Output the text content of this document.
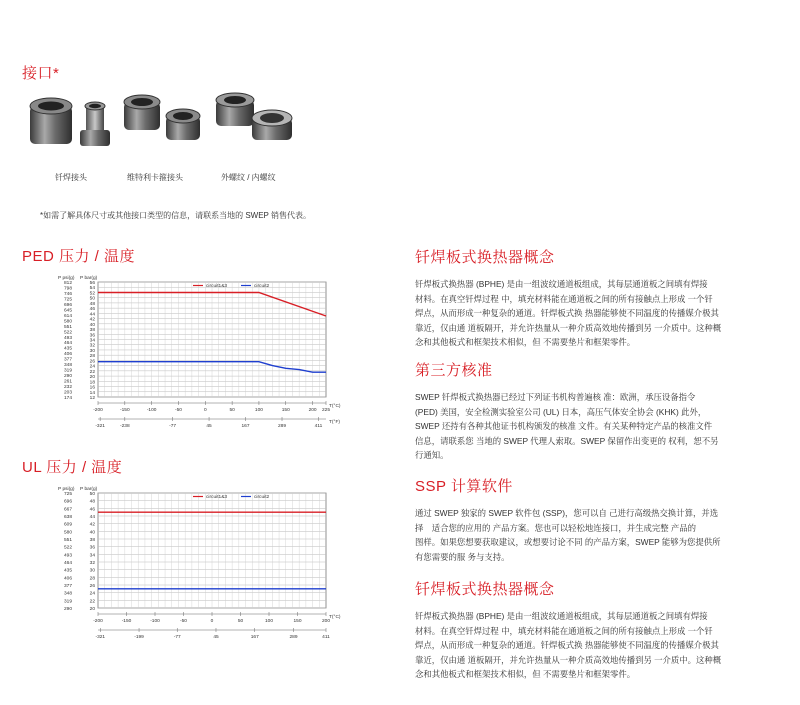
接口*
钎焊接头	维特利卡箍接头	外螺纹 / 内螺纹
*如需了解具体尺寸或其他接口类型的信息，请联系当地的 SWEP 销售代表。
PED 压力 / 温度
UL 压力 / 温度
56
54
52
50
48
46
44
42
40
38
36
34
32
30
28
26
24
22
20
18
16
14
12
812
798
746
725
696
645
614
580
551
522
493
464
435
406
377
348
319
290
261
232
203
174
P psi(g) P bar(g)
-200	-150	-100	-50	0	50	100	150	200 225
T(°C)
-321	-238	-77	45	167	289	411
T(°F)
circuit1&3	circuit2
50
48
46
44
42
40
38
36
34
32
30
28
26
24
22
20
725
696
667
638
609
580
551
522
493
464
435
406
377
348
319
290
P psi(g) P bar(g)
-200	-150	-100	-50	0	50	100	150	200
T(°C)
-321	-199	-77	45	167	289	411
circuit1&3	circuit2
钎焊板式换热器概念
钎焊板式换热器 (BPHE) 是由一组波纹通道板组成，其每层通道板之间填有焊接
材料。在真空钎焊过程 中，填充材料能在通道板之间的所有接触点上形成 一个钎
焊点，从而形成一种复杂的通道。钎焊板式换 热器能够使不同温度的传播媒介极其
靠近，仅由通 道板隔开，并允许热量从一种介质高效地传播到另 一介质中。这种概
念和其他板式和框架技术相似，但 不需要垫片和框架零件。
第三方核准
SWEP 钎焊板式换热器已经过下列证书机构普遍核 准：欧洲，承压设备指令
(PED) 美国，安全检测实验室公司 (UL) 日本，高压气体安全协会 (KHK) 此外，
SWEP 还持有各种其他证书机构颁发的核准 文件。有关某种特定产品的核准文件
信息，请联系您 当地的 SWEP 代理人索取。SWEP 保留作出变更的 权利，恕不另
行通知。
SSP 计算软件
通过 SWEP 独家的 SWEP 软件包 (SSP)，您可以自 己进行高级热交换计算，并选
择　适合您的应用的 产品方案。您也可以轻松地连接口，并生成完整 产品的
图样。如果您想要获取建议，或想要讨论不同 的产品方案，SWEP 能够为您提供所
有您需要的服 务与支持。
钎焊板式换热器概念
钎焊板式换热器 (BPHE) 是由一组波纹通道板组成，其每层通道板之间填有焊接
材料。在真空钎焊过程 中，填充材料能在通道板之间的所有接触点上形成 一个钎
焊点，从而形成一种复杂的通道。钎焊板式换 热器能够使不同温度的传播媒介极其
靠近，仅由通 道板隔开，并允许热量从一种介质高效地传播到另 一介质中。这种概
念和其他板式和框架技术相似，但 不需要垫片和框架零件。
